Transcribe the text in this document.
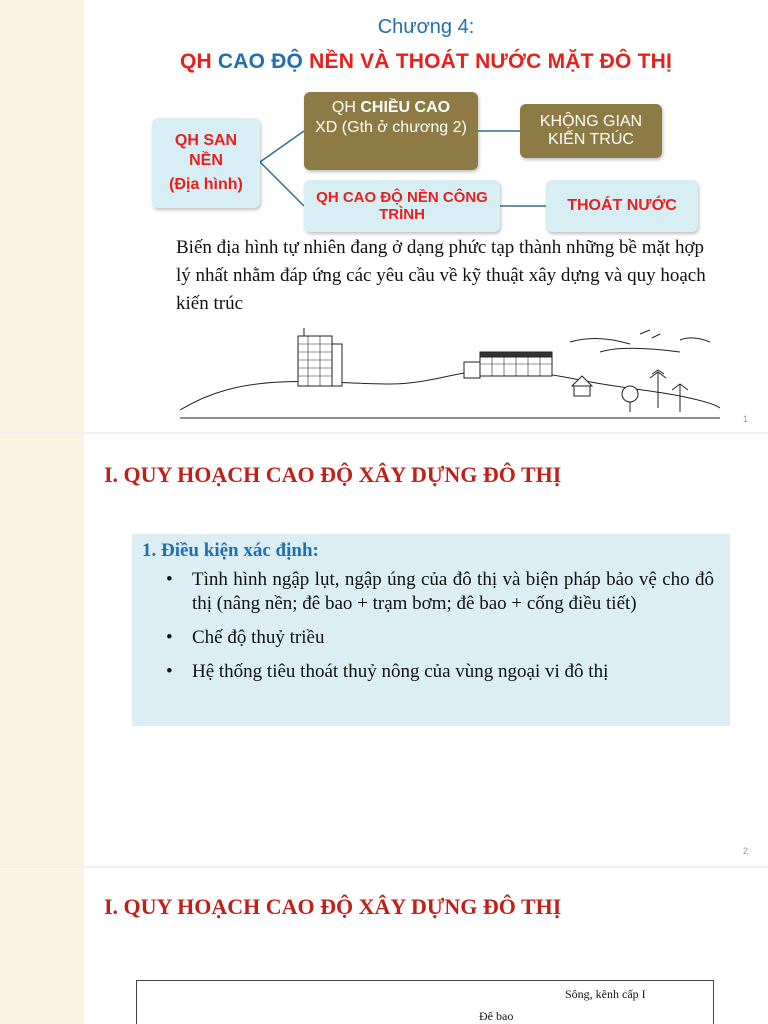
Chương 4:
QH CAO ĐỘ NỀN VÀ THOÁT NƯỚC MẶT ĐÔ THỊ
QH SAN NỀN
(Địa hình)
QH CHIỀU CAO
XD (Gth ở chương 2)	KHỘNG GIAN KIẾN TRÚC
QH CAO ĐỘ NỀN CÔNG TRÌNH
THOÁT NƯỚC
Biến địa hình tự nhiên đang ở dạng phức tạp thành những bề mặt hợp lý nhất nhằm đáp ứng các yêu cầu về kỹ thuật xây dựng và quy hoạch kiến trúc
1
I. QUY HOẠCH CAO ĐỘ XÂY DỰNG ĐÔ THỊ
1. Điều kiện xác định:
• Tình hình ngập lụt, ngập úng của đô thị và biện pháp bảo vệ cho đô thị (nâng nền; đê bao + trạm bơm; đê bao + cống điều tiết)
• Chế độ thuỷ triều
• Hệ thống tiêu thoát thuỷ nông của vùng ngoại vi đô thị
2
I. QUY HOẠCH CAO ĐỘ XÂY DỰNG ĐÔ THỊ
Sông, kênh cấp I
Đê bao
